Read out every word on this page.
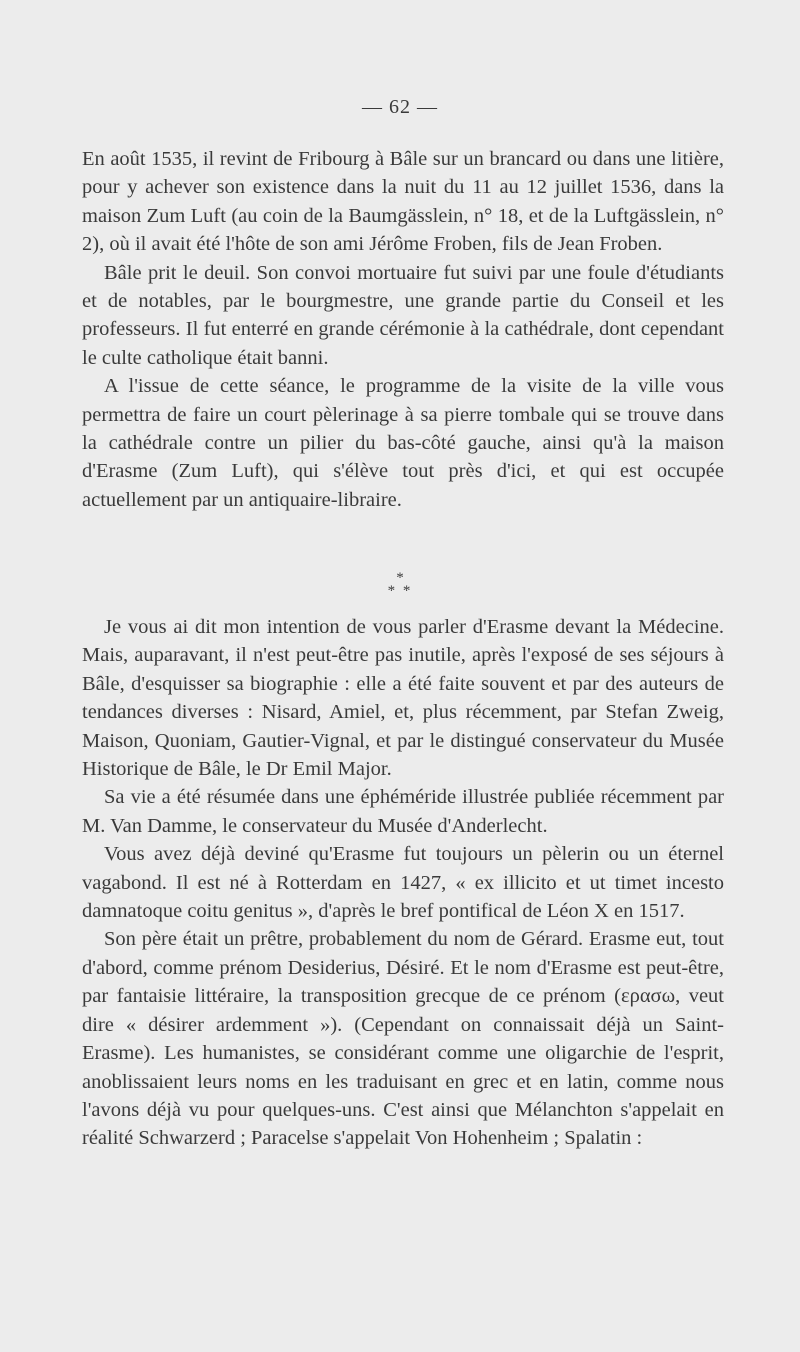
— 62 —

En août 1535, il revint de Fribourg à Bâle sur un brancard ou dans une litière, pour y achever son existence dans la nuit du 11 au 12 juillet 1536, dans la maison Zum Luft (au coin de la Baumgässlein, n° 18, et de la Luftgässlein, n° 2), où il avait été l'hôte de son ami Jérôme Froben, fils de Jean Froben.

Bâle prit le deuil. Son convoi mortuaire fut suivi par une foule d'étudiants et de notables, par le bourgmestre, une grande partie du Conseil et les professeurs. Il fut enterré en grande cérémonie à la cathédrale, dont cependant le culte catholique était banni.

A l'issue de cette séance, le programme de la visite de la ville vous permettra de faire un court pèlerinage à sa pierre tombale qui se trouve dans la cathédrale contre un pilier du bas-côté gauche, ainsi qu'à la maison d'Erasme (Zum Luft), qui s'élève tout près d'ici, et qui est occupée actuellement par un antiquaire-libraire.

*
* *

Je vous ai dit mon intention de vous parler d'Erasme devant la Médecine. Mais, auparavant, il n'est peut-être pas inutile, après l'exposé de ses séjours à Bâle, d'esquisser sa biographie : elle a été faite souvent et par des auteurs de tendances diverses : Nisard, Amiel, et, plus récemment, par Stefan Zweig, Maison, Quoniam, Gautier-Vignal, et par le distingué conservateur du Musée Historique de Bâle, le Dr Emil Major.

Sa vie a été résumée dans une éphéméride illustrée publiée récemment par M. Van Damme, le conservateur du Musée d'Anderlecht.

Vous avez déjà deviné qu'Erasme fut toujours un pèlerin ou un éternel vagabond. Il est né à Rotterdam en 1427, « ex illicito et ut timet incesto damnatoque coitu genitus », d'après le bref pontifical de Léon X en 1517.

Son père était un prêtre, probablement du nom de Gérard. Erasme eut, tout d'abord, comme prénom Desiderius, Désiré. Et le nom d'Erasme est peut-être, par fantaisie littéraire, la transposition grecque de ce prénom (ερασω, veut dire « désirer ardemment »). (Cependant on connaissait déjà un Saint-Erasme). Les humanistes, se considérant comme une oligarchie de l'esprit, anoblissaient leurs noms en les traduisant en grec et en latin, comme nous l'avons déjà vu pour quelques-uns. C'est ainsi que Mélanchton s'appelait en réalité Schwarzerd ; Paracelse s'appelait Von Hohenheim ; Spalatin :
